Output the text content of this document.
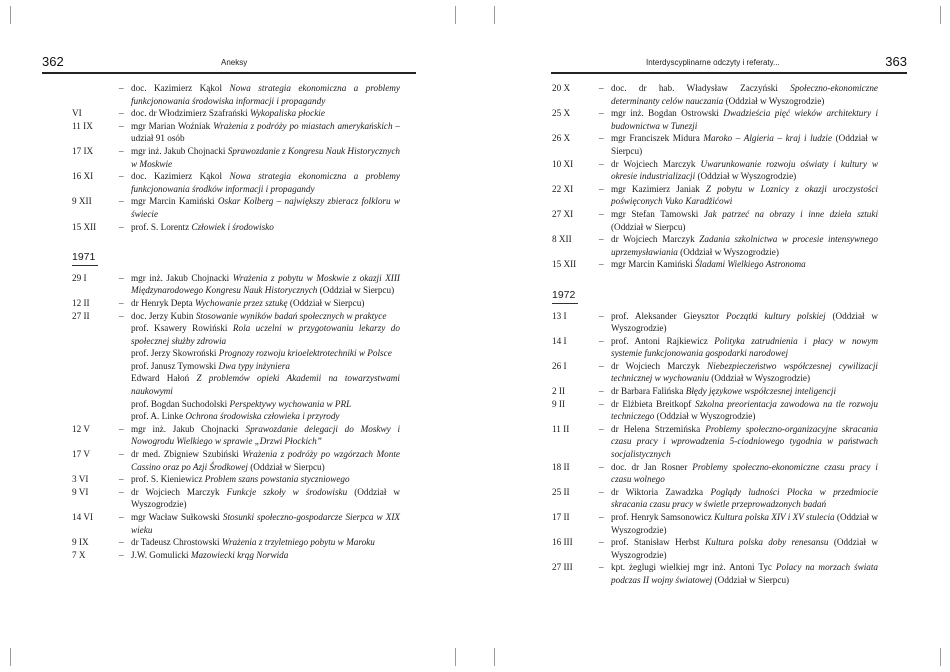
362	Aneksy
– doc. Kazimierz Kąkol Nowa strategia ekonomiczna a problemy funkcjonowania środowiska informacji i propagandy
VI	– doc. dr Włodzimierz Szafrański Wykopaliska płockie
11 IX	– mgr Marian Woźniak Wrażenia z podróży po miastach amerykańskich – udział 91 osób
17 IX	– mgr inż. Jakub Chojnacki Sprawozdanie z Kongresu Nauk Historycznych w Moskwie
16 XI	– doc. Kazimierz Kąkol Nowa strategia ekonomiczna a problemy funkcjonowania środków informacji i propagandy
9 XII	– mgr Marcin Kamiński Oskar Kolberg – największy zbieracz folkloru w świecie
15 XII	– prof. S. Lorentz Człowiek i środowisko
1971
29 I	– mgr inż. Jakub Chojnacki Wrażenia z pobytu w Moskwie z okazji XIII Międzynarodowego Kongresu Nauk Historycznych (Oddział w Sierpcu)
12 II	– dr Henryk Depta Wychowanie przez sztukę (Oddział w Sierpcu)
27 II	– doc. Jerzy Kubin Stosowanie wyników badań społecznych w praktyce
prof. Ksawery Rowiński Rola uczelni w przygotowaniu lekarzy do społecznej służby zdrowia
prof. Jerzy Skowroński Prognozy rozwoju krioelektrotechniki w Polsce
prof. Janusz Tymowski Dwa typy inżyniera
Edward Hałoń Z problemów opieki Akademii na towarzystwami naukowymi
prof. Bogdan Suchodolski Perspektywy wychowania w PRL
prof. A. Linke Ochrona środowiska człowieka i przyrody
12 V	– mgr inż. Jakub Chojnacki Sprawozdanie delegacji do Moskwy i Nowogrodu Wielkiego w sprawie „Drzwi Płockich”
17 V	– dr med. Zbigniew Szubiński Wrażenia z podróży po wzgórzach Monte Cassino oraz po Azji Środkowej (Oddział w Sierpcu)
3 VI	– prof. S. Kieniewicz Problem szans powstania styczniowego
9 VI	– dr Wojciech Marczyk Funkcje szkoły w środowisku (Oddział w Wyszogrodzie)
14 VI	– mgr Wacław Sułkowski Stosunki społeczno-gospodarcze Sierpca w XIX wieku
9 IX	– dr Tadeusz Chrostowski Wrażenia z trzyletniego pobytu w Maroku
7 X	– J.W. Gomulicki Mazowiecki krąg Norwida
Interdyscyplinarne odczyty i referaty...	363
20 X	– doc. dr hab. Władysław Zaczyński Społeczno-ekonomiczne determinanty celów nauczania (Oddział w Wyszogrodzie)
25 X	– mgr inż. Bogdan Ostrowski Dwadzieścia pięć wieków architektury i budownictwa w Tunezji
26 X	– mgr Franciszek Midura Maroko – Algieria – kraj i ludzie (Oddział w Sierpcu)
10 XI	– dr Wojciech Marczyk Uwarunkowanie rozwoju oświaty i kultury w okresie industrializacji (Oddział w Wyszogrodzie)
22 XI	– mgr Kazimierz Janiak Z pobytu w Loznicy z okazji uroczystości poświęconych Vuko Karadžićowi
27 XI	– mgr Stefan Tamowski Jak patrzeć na obrazy i inne dzieła sztuki (Oddział w Sierpcu)
8 XII	– dr Wojciech Marczyk Zadania szkolnictwa w procesie intensywnego uprzemysławiania (Oddział w Wyszogrodzie)
15 XII	– mgr Marcin Kamiński Śladami Wielkiego Astronoma
1972
13 I	– prof. Aleksander Gieysztor Początki kultury polskiej (Oddział w Wyszogrodzie)
14 I	– prof. Antoni Rajkiewicz Polityka zatrudnienia i płacy w nowym systemie funkcjonowania gospodarki narodowej
26 I	– dr Wojciech Marczyk Niebezpieczeństwo współczesnej cywilizacji technicznej w wychowaniu (Oddział w Wyszogrodzie)
2 II	– dr Barbara Falińska Błędy językowe współczesnej inteligencji
9 II	– dr Elżbieta Breitkopf Szkolna preorientacja zawodowa na tle rozwoju techniczego (Oddział w Wyszogrodzie)
11 II	– dr Helena Strzemińska Problemy społeczno-organizacyjne skracania czasu pracy i wprowadzenia 5-ciodniowego tygodnia w państwach socjalistycznych
18 II	– doc. dr Jan Rosner Problemy społeczno-ekonomiczne czasu pracy i czasu wolnego
25 II	– dr Wiktoria Zawadzka Poglądy ludności Płocka w przedmiocie skracania czasu pracy w świetle przeprowadzonych badań
17 II	– prof. Henryk Samsonowicz Kultura polska XIV i XV stulecia (Oddział w Wyszogrodzie)
16 III	– prof. Stanisław Herbst Kultura polska doby renesansu (Oddział w Wyszogrodzie)
27 III	– kpt. żeglugi wielkiej mgr inż. Antoni Tyc Polacy na morzach świata podczas II wojny światowej (Oddział w Sierpcu)
